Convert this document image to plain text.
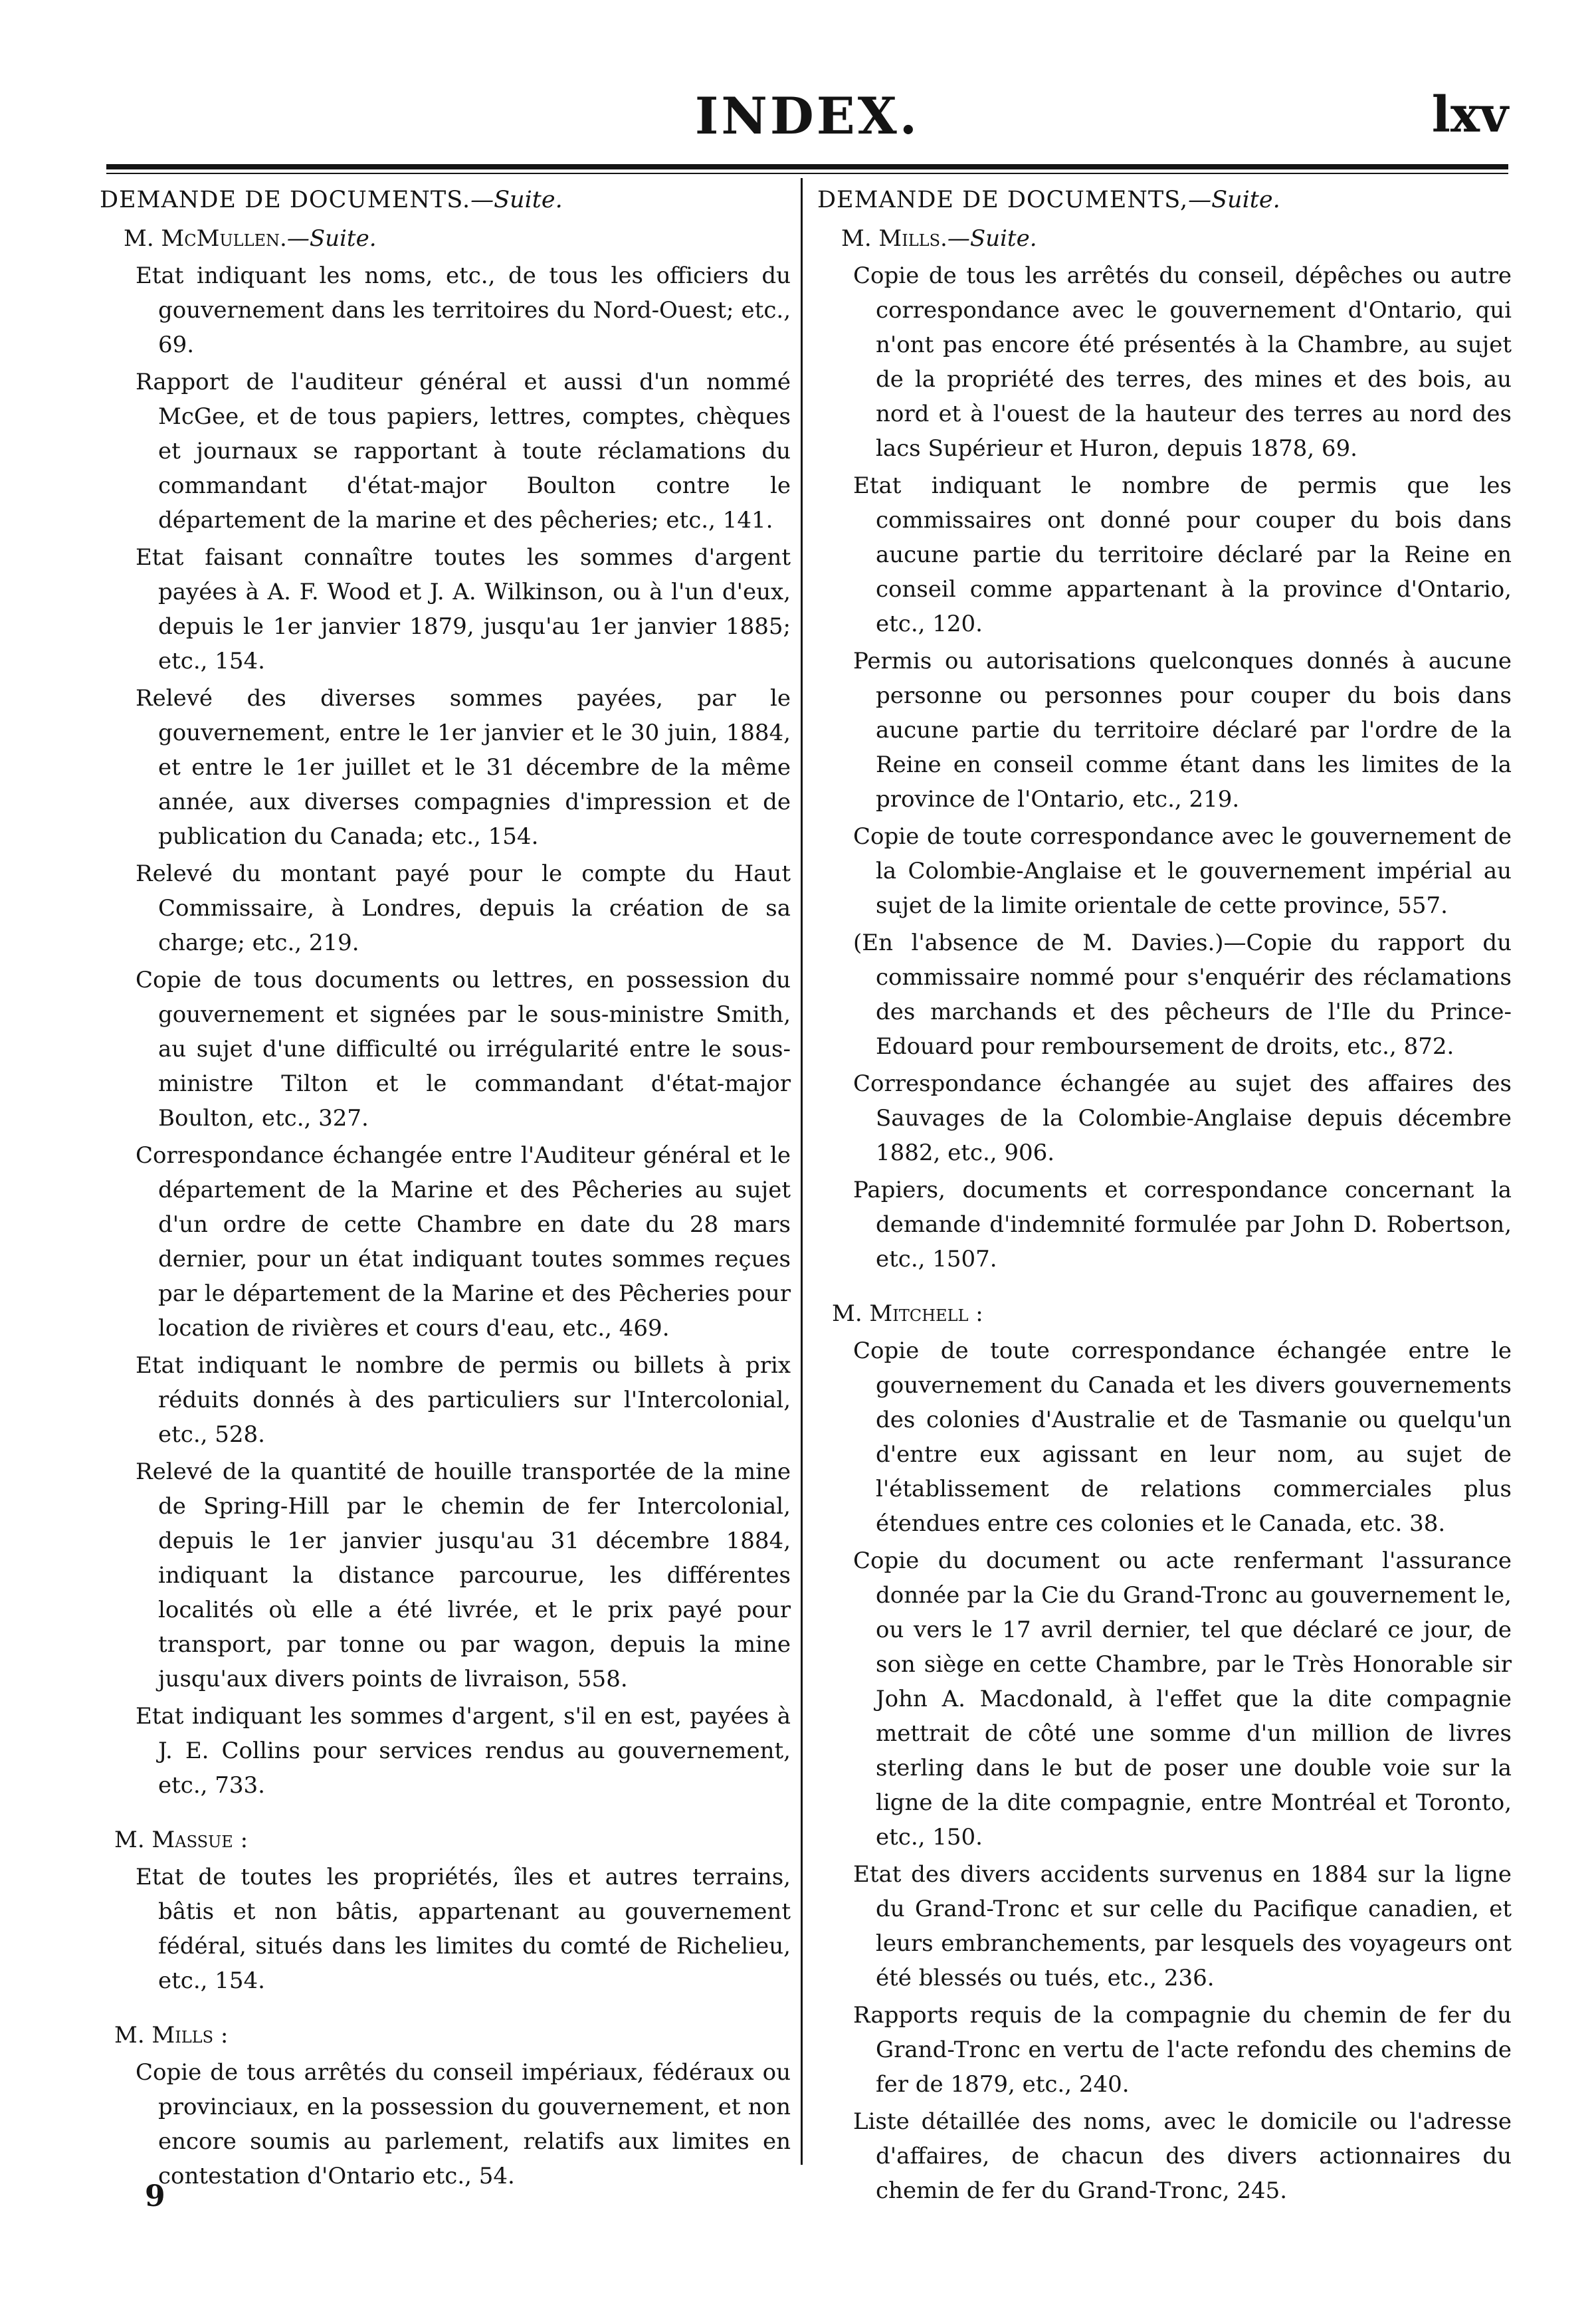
INDEX.	lxv

DEMANDE DE DOCUMENTS.—Suite.

M. McMullen.—Suite.

Etat indiquant les noms, etc., de tous les officiers du gouvernement dans les territoires du Nord-Ouest; etc., 69.

Rapport de l'auditeur général et aussi d'un nommé McGee, et de tous papiers, lettres, comptes, chèques et journaux se rapportant à toute réclamations du commandant d'état-major Boulton contre le département de la marine et des pêcheries; etc., 141.

Etat faisant connaître toutes les sommes d'argent payées à A. F. Wood et J. A. Wilkinson, ou à l'un d'eux, depuis le 1er janvier 1879, jusqu'au 1er janvier 1885; etc., 154.

Relevé des diverses sommes payées, par le gouvernement, entre le 1er janvier et le 30 juin, 1884, et entre le 1er juillet et le 31 décembre de la même année, aux diverses compagnies d'impression et de publication du Canada; etc., 154.

Relevé du montant payé pour le compte du Haut Commissaire, à Londres, depuis la création de sa charge; etc., 219.

Copie de tous documents ou lettres, en possession du gouvernement et signées par le sous-ministre Smith, au sujet d'une difficulté ou irrégularité entre le sous-ministre Tilton et le commandant d'état-major Boulton, etc., 327.

Correspondance échangée entre l'Auditeur général et le département de la Marine et des Pêcheries au sujet d'un ordre de cette Chambre en date du 28 mars dernier, pour un état indiquant toutes sommes reçues par le département de la Marine et des Pêcheries pour location de rivières et cours d'eau, etc., 469.

Etat indiquant le nombre de permis ou billets à prix réduits donnés à des particuliers sur l'Intercolonial, etc., 528.

Relevé de la quantité de houille transportée de la mine de Spring-Hill par le chemin de fer Intercolonial, depuis le 1er janvier jusqu'au 31 décembre 1884, indiquant la distance parcourue, les différentes localités où elle a été livrée, et le prix payé pour transport, par tonne ou par wagon, depuis la mine jusqu'aux divers points de livraison, 558.

Etat indiquant les sommes d'argent, s'il en est, payées à J. E. Collins pour services rendus au gouvernement, etc., 733.

M. Massue :

Etat de toutes les propriétés, îles et autres terrains, bâtis et non bâtis, appartenant au gouvernement fédéral, situés dans les limites du comté de Richelieu, etc., 154.

M. Mills :

Copie de tous arrêtés du conseil impériaux, fédéraux ou provinciaux, en la possession du gouvernement, et non encore soumis au parlement, relatifs aux limites en contestation d'Ontario etc., 54.

DEMANDE DE DOCUMENTS,—Suite.

M. Mills.—Suite.

Copie de tous les arrêtés du conseil, dépêches ou autre correspondance avec le gouvernement d'Ontario, qui n'ont pas encore été présentés à la Chambre, au sujet de la propriété des terres, des mines et des bois, au nord et à l'ouest de la hauteur des terres au nord des lacs Supérieur et Huron, depuis 1878, 69.

Etat indiquant le nombre de permis que les commissaires ont donné pour couper du bois dans aucune partie du territoire déclaré par la Reine en conseil comme appartenant à la province d'Ontario, etc., 120.

Permis ou autorisations quelconques donnés à aucune personne ou personnes pour couper du bois dans aucune partie du territoire déclaré par l'ordre de la Reine en conseil comme étant dans les limites de la province de l'Ontario, etc., 219.

Copie de toute correspondance avec le gouvernement de la Colombie-Anglaise et le gouvernement impérial au sujet de la limite orientale de cette province, 557.

(En l'absence de M. Davies.)—Copie du rapport du commissaire nommé pour s'enquérir des réclamations des marchands et des pêcheurs de l'Ile du Prince-Edouard pour remboursement de droits, etc., 872.

Correspondance échangée au sujet des affaires des Sauvages de la Colombie-Anglaise depuis décembre 1882, etc., 906.

Papiers, documents et correspondance concernant la demande d'indemnité formulée par John D. Robertson, etc., 1507.

M. Mitchell :

Copie de toute correspondance échangée entre le gouvernement du Canada et les divers gouvernements des colonies d'Australie et de Tasmanie ou quelqu'un d'entre eux agissant en leur nom, au sujet de l'établissement de relations commerciales plus étendues entre ces colonies et le Canada, etc. 38.

Copie du document ou acte renfermant l'assurance donnée par la Cie du Grand-Tronc au gouvernement le, ou vers le 17 avril dernier, tel que déclaré ce jour, de son siège en cette Chambre, par le Très Honorable sir John A. Macdonald, à l'effet que la dite compagnie mettrait de côté une somme d'un million de livres sterling dans le but de poser une double voie sur la ligne de la dite compagnie, entre Montréal et Toronto, etc., 150.

Etat des divers accidents survenus en 1884 sur la ligne du Grand-Tronc et sur celle du Pacifique canadien, et leurs embranchements, par lesquels des voyageurs ont été blessés ou tués, etc., 236.

Rapports requis de la compagnie du chemin de fer du Grand-Tronc en vertu de l'acte refondu des chemins de fer de 1879, etc., 240.

Liste détaillée des noms, avec le domicile ou l'adresse d'affaires, de chacun des divers actionnaires du chemin de fer du Grand-Tronc, 245.

9
